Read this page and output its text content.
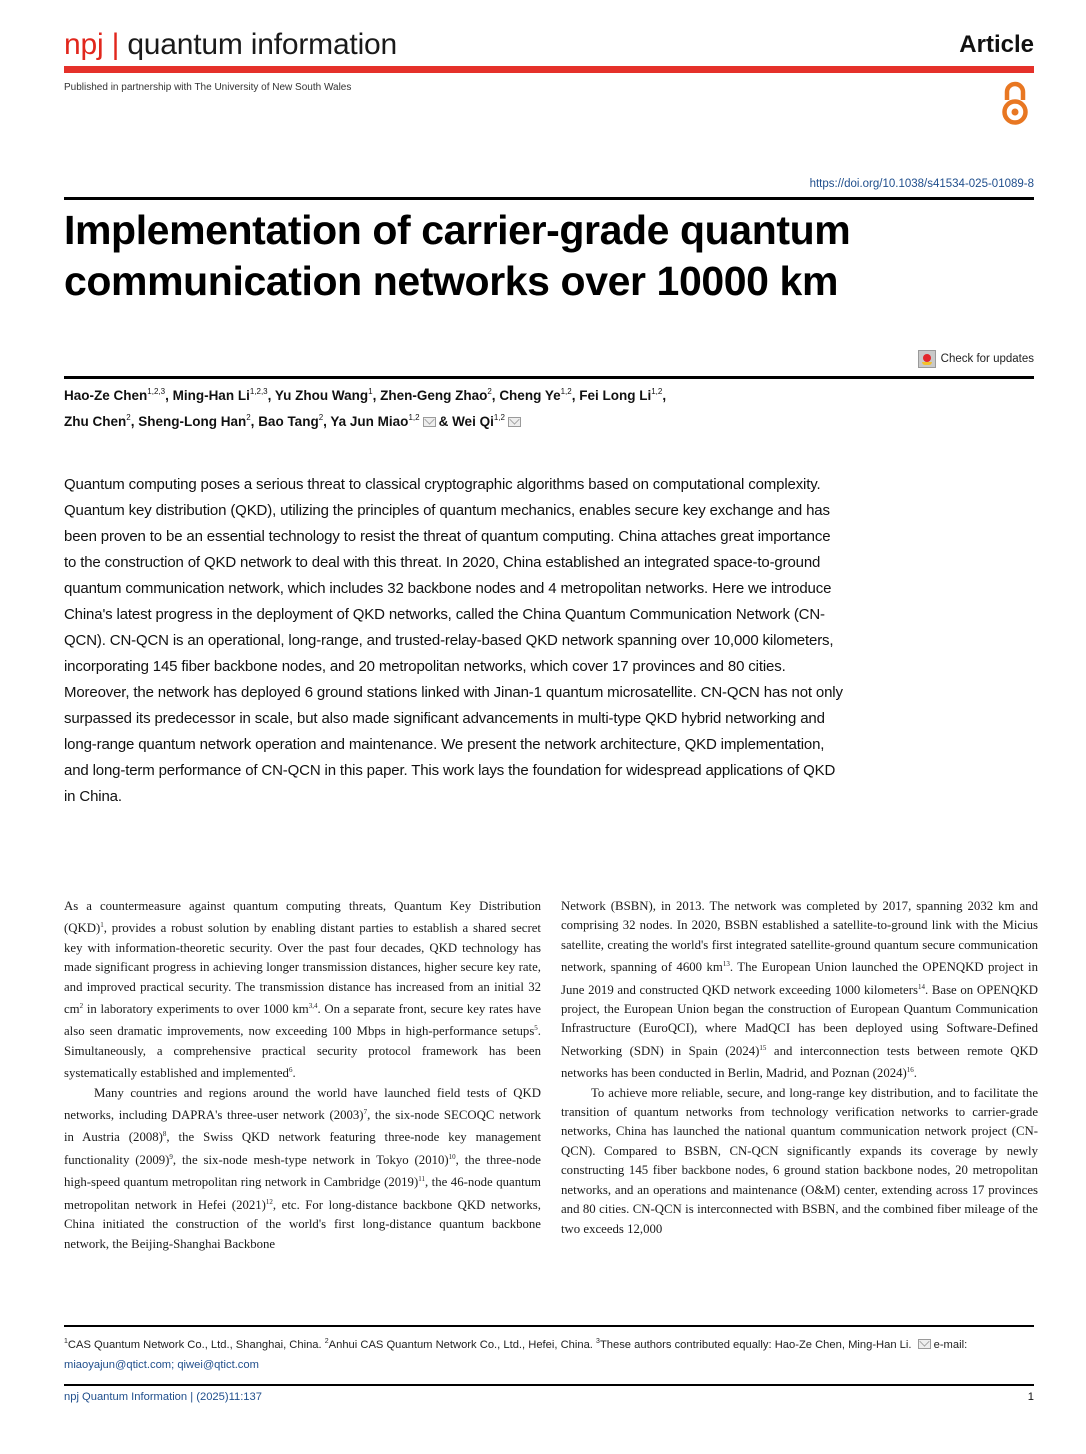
npj | quantum information	Article
Published in partnership with The University of New South Wales
https://doi.org/10.1038/s41534-025-01089-8
Implementation of carrier-grade quantum communication networks over 10000 km
Check for updates
Hao-Ze Chen$^{1,2,3}$, Ming-Han Li$^{1,2,3}$, Yu Zhou Wang$^1$, Zhen-Geng Zhao$^2$, Cheng Ye$^{1,2}$, Fei Long Li$^{1,2}$,
Zhu Chen$^2$, Sheng-Long Han$^2$, Bao Tang$^2$, Ya Jun Miao$^{1,2}$ & Wei Qi$^{1,2}$

Quantum computing poses a serious threat to classical cryptographic algorithms based on computational complexity. Quantum key distribution (QKD), utilizing the principles of quantum mechanics, enables secure key exchange and has been proven to be an essential technology to resist the threat of quantum computing. China attaches great importance to the construction of QKD network to deal with this threat. In 2020, China established an integrated space-to-ground quantum communication network, which includes 32 backbone nodes and 4 metropolitan networks. Here we introduce China's latest progress in the deployment of QKD networks, called the China Quantum Communication Network (CN-QCN). CN-QCN is an operational, long-range, and trusted-relay-based QKD network spanning over 10,000 kilometers, incorporating 145 fiber backbone nodes, and 20 metropolitan networks, which cover 17 provinces and 80 cities. Moreover, the network has deployed 6 ground stations linked with Jinan-1 quantum microsatellite. CN-QCN has not only surpassed its predecessor in scale, but also made significant advancements in multi-type QKD hybrid networking and long-range quantum network operation and maintenance. We present the network architecture, QKD implementation, and long-term performance of CN-QCN in this paper. This work lays the foundation for widespread applications of QKD in China.

As a countermeasure against quantum computing threats, Quantum Key Distribution (QKD)$^1$, provides a robust solution by enabling distant parties to establish a shared secret key with information-theoretic security. Over the past four decades, QKD technology has made significant progress in achieving longer transmission distances, higher secure key rate, and improved practical security. The transmission distance has increased from an initial 32 $cm^2$ in laboratory experiments to over 1000 km$^{3,4}$. On a separate front, secure key rates have also seen dramatic improvements, now exceeding 100 Mbps in high-performance setups$^5$. Simultaneously, a comprehensive practical security protocol framework has been systematically established and implemented$^6$.

Many countries and regions around the world have launched field tests of QKD networks, including DAPRA's three-user network $(2003)^7$, the six-node SECOQC network in Austria $(2008)^8$, the Swiss QKD network featuring three-node key management functionality $(2009)^9$, the six-node mesh-type network in Tokyo $(2010)^{10}$, the three-node high-speed quantum metropolitan ring network in Cambridge $(2019)^{11}$, the 46-node quantum metropolitan network in Hefei $(2021)^{12}$, etc. For long-distance backbone QKD networks, China initiated the construction of the world's first long-distance quantum backbone network, the Beijing-Shanghai Backbone

Network (BSBN), in 2013. The network was completed by 2017, spanning 2032 km and comprising 32 nodes. In 2020, BSBN established a satellite-to-ground link with the Micius satellite, creating the world's first integrated satellite-ground quantum secure communication network, spanning of 4600 $km^{13}$. The European Union launched the OPENQKD project in June 2019 and constructed QKD network exceeding 1000 kilometers$^{14}$. Base on OPENQKD project, the European Union began the construction of European Quantum Communication Infrastructure (EuroQCI), where MadQCI has been deployed using Software-Defined Networking (SDN) in Spain $(2024)^{15}$ and interconnection tests between remote QKD networks has been conducted in Berlin, Madrid, and Poznan $(2024)^{16}$.

To achieve more reliable, secure, and long-range key distribution, and to facilitate the transition of quantum networks from technology verification networks to carrier-grade networks, China has launched the national quantum communication network project (CN-QCN). Compared to BSBN, CN-QCN significantly expands its coverage by newly constructing 145 fiber backbone nodes, 6 ground station backbone nodes, 20 metropolitan networks, and an operations and maintenance (O&M) center, extending across 17 provinces and 80 cities. CN-QCN is interconnected with BSBN, and the combined fiber mileage of the two exceeds 12,000

$^1$CAS Quantum Network Co., Ltd., Shanghai, China. $^2$Anhui CAS Quantum Network Co., Ltd., Hefei, China. $^3$These authors contributed equally: Hao-Ze Chen, Ming-Han Li. e-mail: miaoyajun@qtict.com; qiwei@qtict.com
npj Quantum Information | (2025)11:137	1
